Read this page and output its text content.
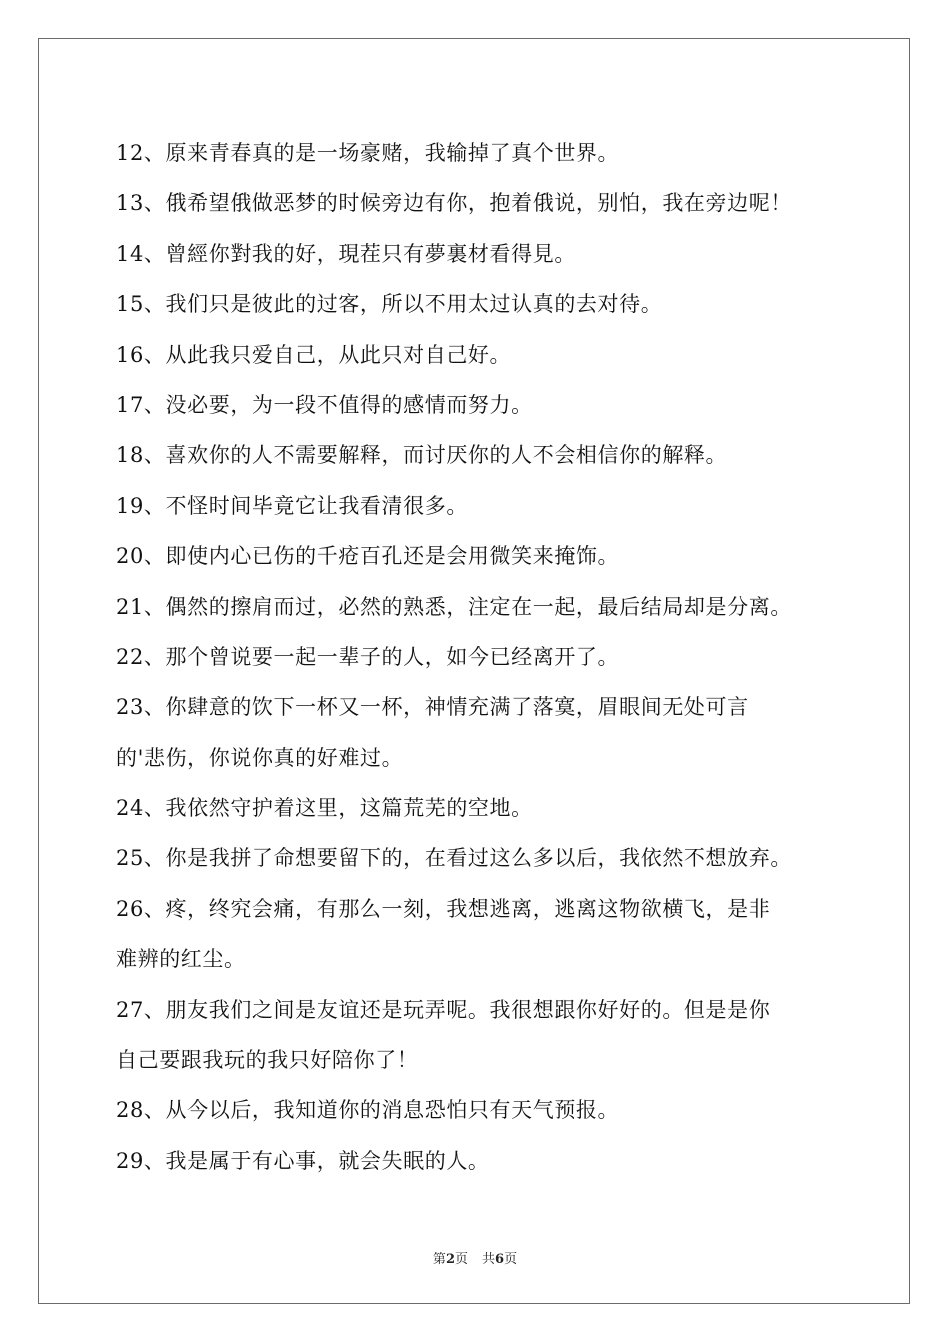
12、原来青春真的是一场豪赌，我输掉了真个世界。
13、俄希望俄做恶梦的时候旁边有你，抱着俄说，别怕，我在旁边呢！
14、曾經你對我的好，現茬只有夢裏材看得見。
15、我们只是彼此的过客，所以不用太过认真的去对待。
16、从此我只爱自己，从此只对自己好。
17、没必要，为一段不值得的感情而努力。
18、喜欢你的人不需要解释，而讨厌你的人不会相信你的解释。
19、不怪时间毕竟它让我看清很多。
20、即使内心已伤的千疮百孔还是会用微笑来掩饰。
21、偶然的擦肩而过，必然的熟悉，注定在一起，最后结局却是分离。
22、那个曾说要一起一辈子的人，如今已经离开了。
23、你肆意的饮下一杯又一杯，神情充满了落寞，眉眼间无处可言
的'悲伤，你说你真的好难过。
24、我依然守护着这里，这篇荒芜的空地。
25、你是我拼了命想要留下的，在看过这么多以后，我依然不想放弃。
26、疼，终究会痛，有那么一刻，我想逃离，逃离这物欲横飞，是非
难辨的红尘。
27、朋友我们之间是友谊还是玩弄呢。我很想跟你好好的。但是是你
自己要跟我玩的我只好陪你了！
28、从今以后，我知道你的消息恐怕只有天气预报。
29、我是属于有心事，就会失眠的人。
第2页 共6页
